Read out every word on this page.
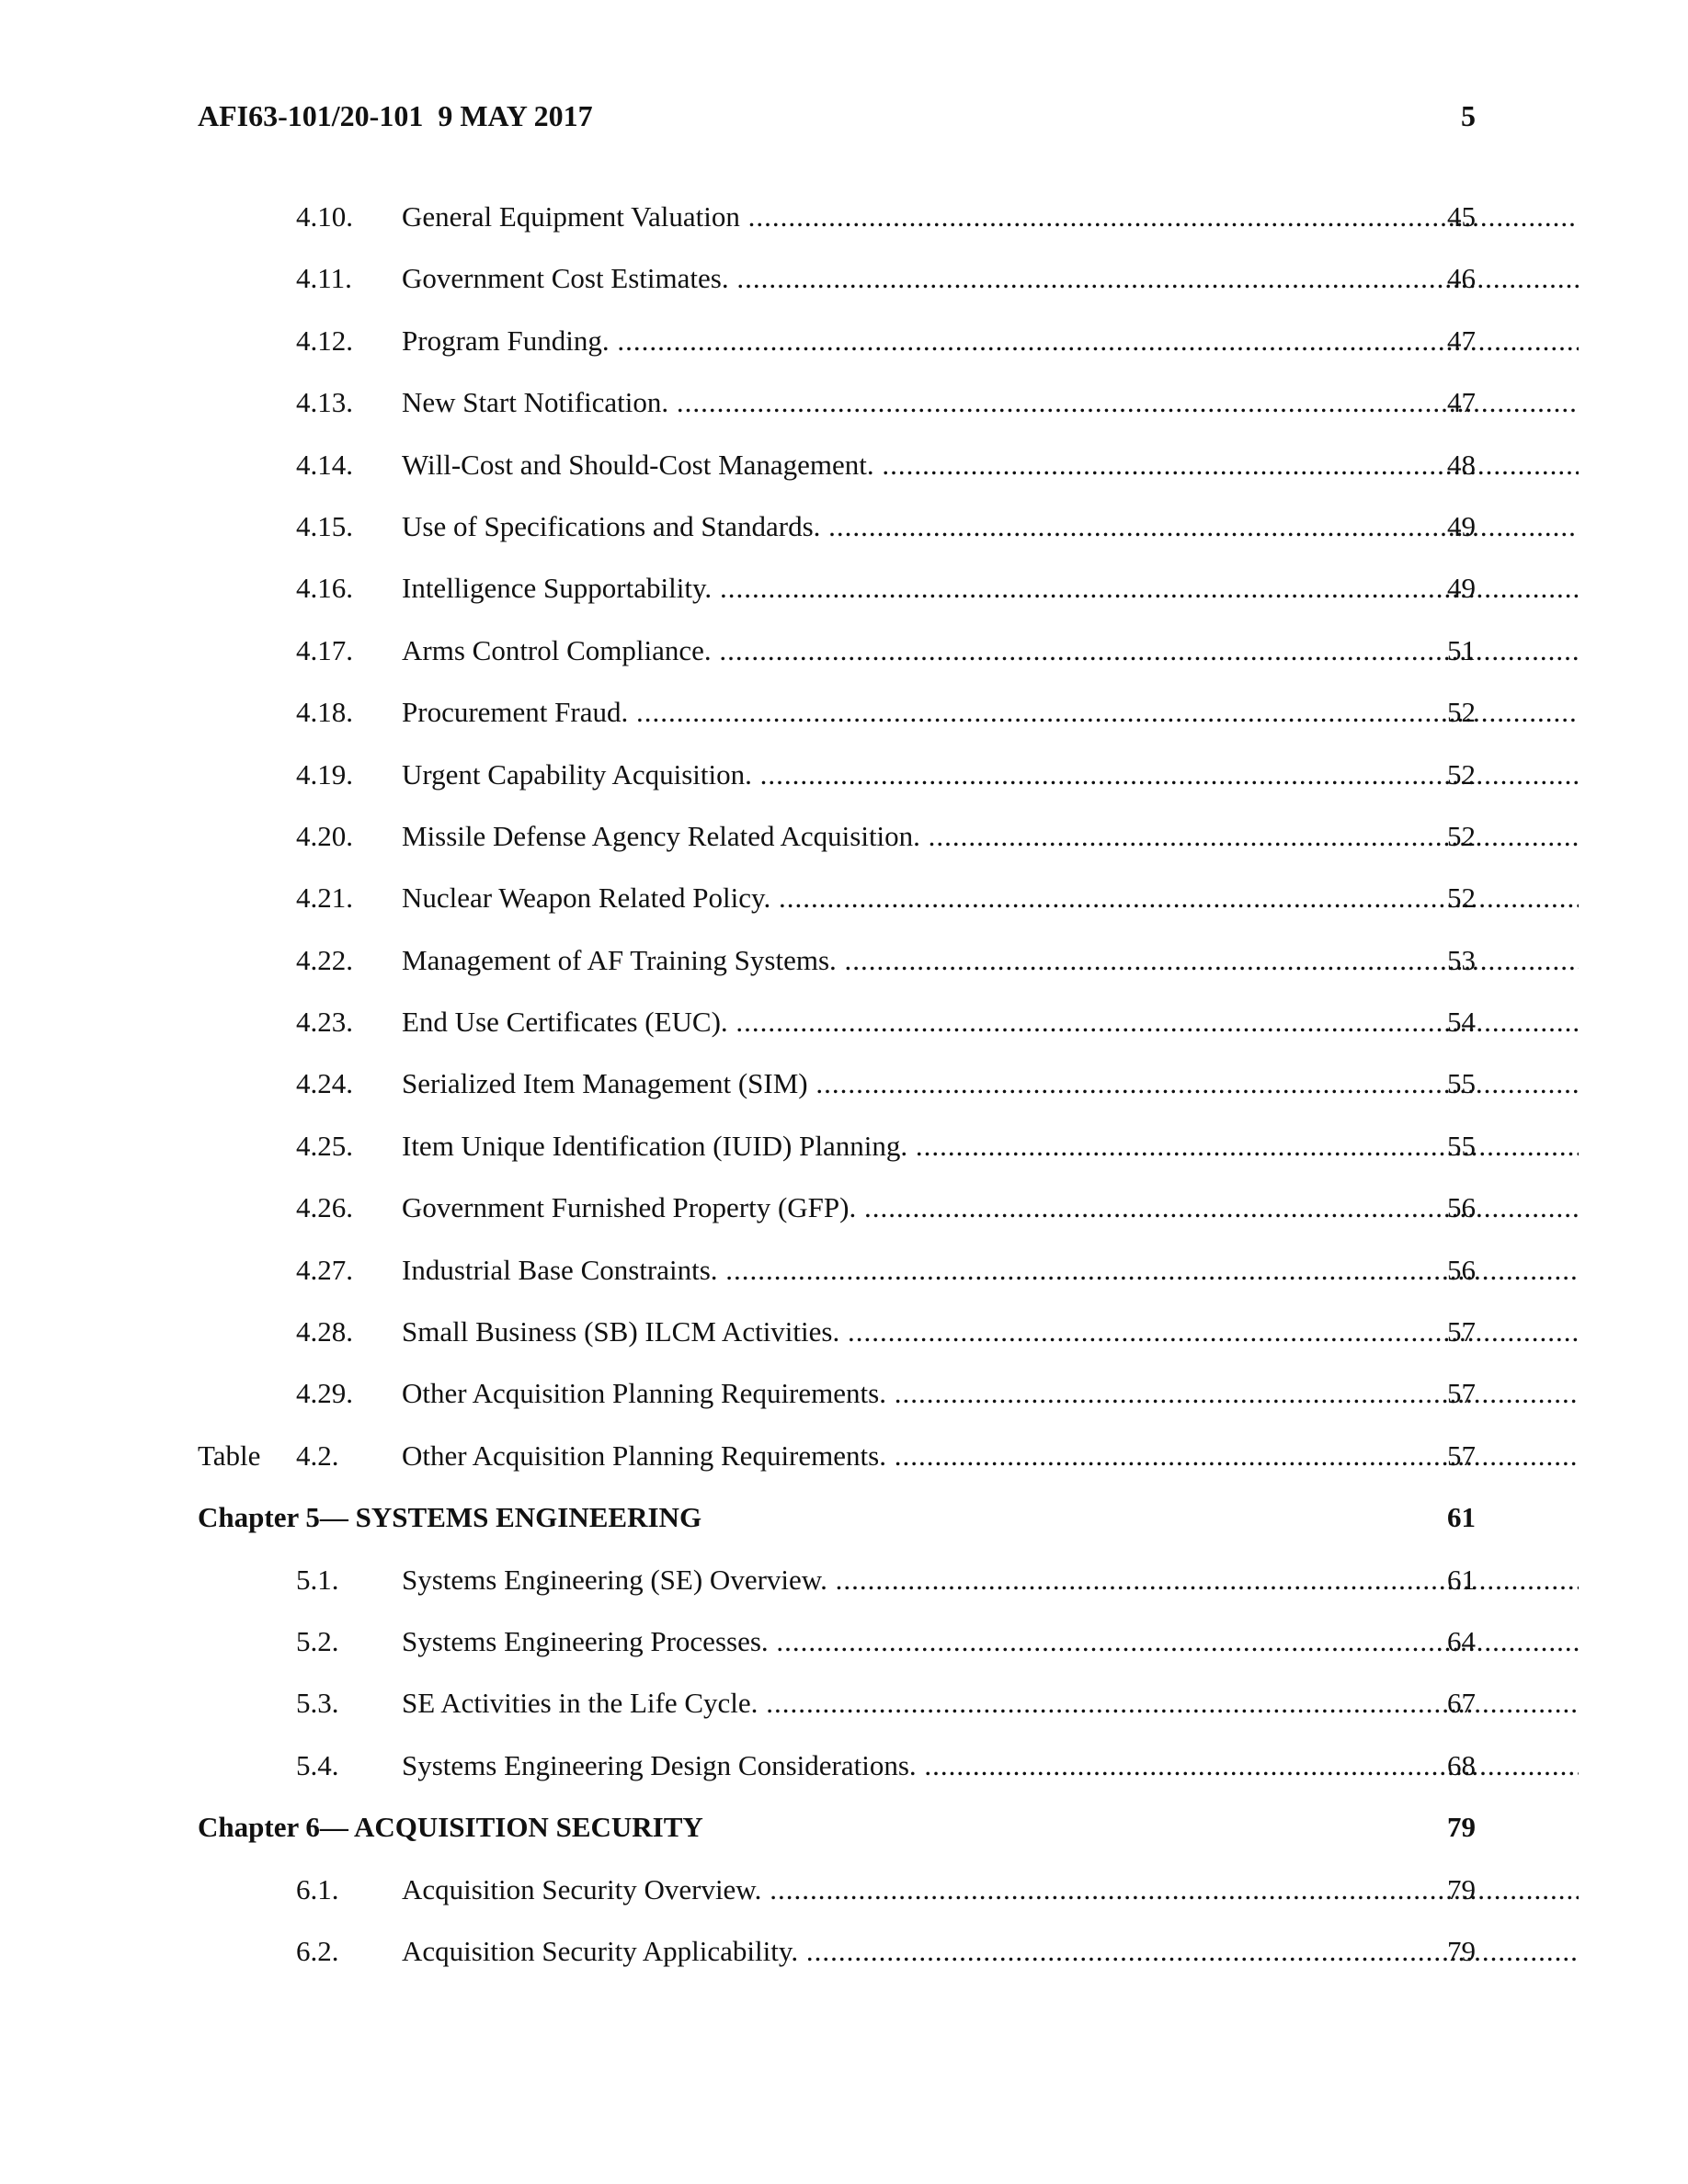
AFI63-101/20-101  9 MAY 2017	5
4.10. General Equipment Valuation .....	45
4.11. Government Cost Estimates. .....	46
4.12. Program Funding. .....	47
4.13. New Start Notification. .....	47
4.14. Will-Cost and Should-Cost Management. .....	48
4.15. Use of Specifications and Standards. .....	49
4.16. Intelligence Supportability. .....	49
4.17. Arms Control Compliance. .....	51
4.18. Procurement Fraud. .....	52
4.19. Urgent Capability Acquisition. .....	52
4.20. Missile Defense Agency Related Acquisition. .....	52
4.21. Nuclear Weapon Related Policy. .....	52
4.22. Management of AF Training Systems. .....	53
4.23. End Use Certificates (EUC). .....	54
4.24. Serialized Item Management (SIM) .....	55
4.25. Item Unique Identification (IUID) Planning. .....	55
4.26. Government Furnished Property (GFP). .....	56
4.27. Industrial Base Constraints. .....	56
4.28. Small Business (SB) ILCM Activities. .....	57
4.29. Other Acquisition Planning Requirements. .....	57
Table 4.2. Other Acquisition Planning Requirements. .....	57
Chapter 5— SYSTEMS ENGINEERING	61
5.1. Systems Engineering (SE) Overview. .....	61
5.2. Systems Engineering Processes. .....	64
5.3. SE Activities in the Life Cycle. .....	67
5.4. Systems Engineering Design Considerations. .....	68
Chapter 6— ACQUISITION SECURITY	79
6.1. Acquisition Security Overview. .....	79
6.2. Acquisition Security Applicability. .....	79
